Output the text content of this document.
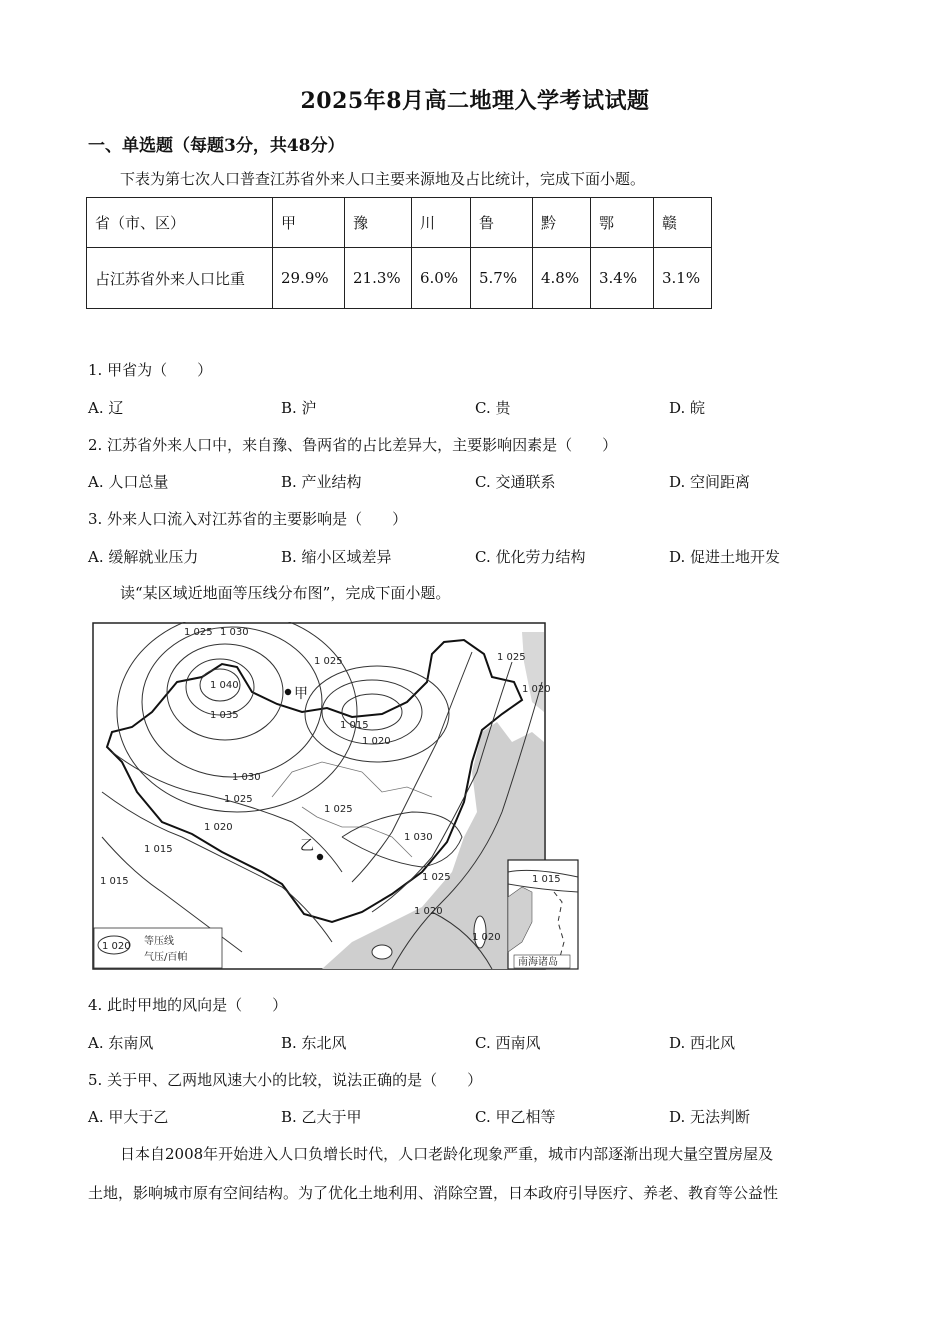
2025年8月高二地理入学考试试题
一、单选题（每题3分，共48分）
下表为第七次人口普查江苏省外来人口主要来源地及占比统计，完成下面小题。
省（市、区）	甲	豫	川	鲁	黔	鄂	赣
占江苏省外来人口比重	29.9%	21.3%	6.0%	5.7%	4.8%	3.4%	3.1%
1. 甲省为（　　）
A. 辽	B. 沪	C. 贵	D. 皖
2. 江苏省外来人口中，来自豫、鲁两省的占比差异大，主要影响因素是（　　）
A. 人口总量	B. 产业结构	C. 交通联系	D. 空间距离
3. 外来人口流入对江苏省的主要影响是（　　）
A. 缓解就业压力	B. 缩小区域差异	C. 优化劳力结构	D. 促进土地开发
读“某区域近地面等压线分布图”，完成下面小题。
1 025 1 030
1 040
1 035
1 025
1 015
1 020
1 030
1 025
1 020
1 015
1 015
1 025
1 030
1 025
1 020
1 020
1 025
1 020
甲
乙
1 020 等压线
气压/百帕
1 015
南海诸岛
4. 此时甲地的风向是（　　）
A. 东南风	B. 东北风	C. 西南风	D. 西北风
5. 关于甲、乙两地风速大小的比较，说法正确的是（　　）
A. 甲大于乙	B. 乙大于甲	C. 甲乙相等	D. 无法判断
日本自2008年开始进入人口负增长时代，人口老龄化现象严重，城市内部逐渐出现大量空置房屋及
土地，影响城市原有空间结构。为了优化土地利用、消除空置，日本政府引导医疗、养老、教育等公益性
